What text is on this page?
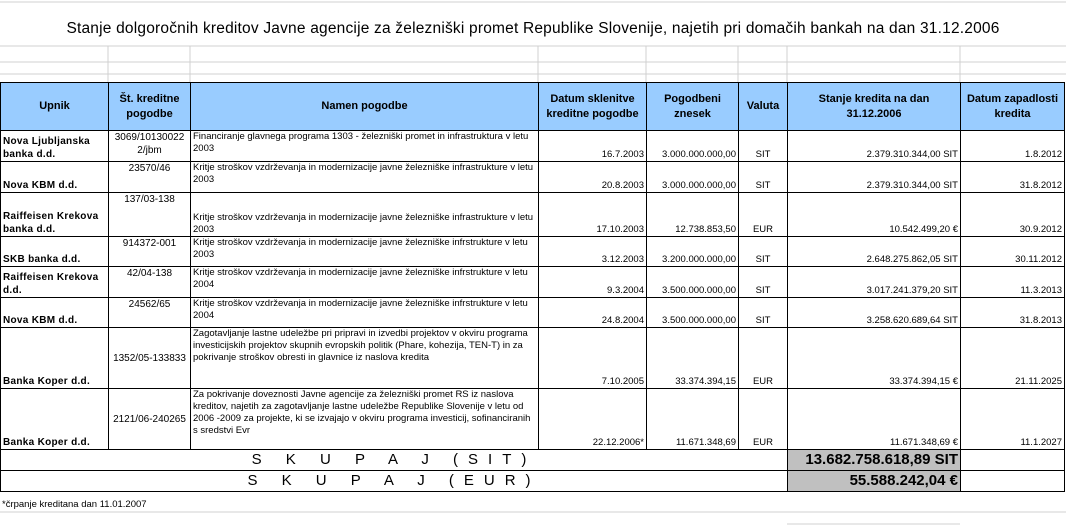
Stanje dolgoročnih kreditov Javne agencije za železniški promet Republike Slovenije, najetih pri domačih bankah na dan 31.12.2006
Upnik	Št. kreditne pogodbe	Namen pogodbe	Datum sklenitve kreditne pogodbe	Pogodbeni znesek	Valuta	Stanje kredita na dan 31.12.2006	Datum zapadlosti kredita
Nova Ljubljanska banka d.d.	3069/10130022 2/jbm	Financiranje glavnega programa 1303 - železniški promet in infrastruktura v letu 2003	16.7.2003	3.000.000.000,00	SIT	2.379.310.344,00 SIT	1.8.2012
Nova KBM d.d.	23570/46	Kritje stroškov vzdrževanja in modernizacije javne železniške infrastrukture v letu 2003	20.8.2003	3.000.000.000,00	SIT	2.379.310.344,00 SIT	31.8.2012
Raiffeisen Krekova banka d.d.	137/03-138	Kritje stroškov vzdrževanja in modernizacije javne železniške infrastrukture v letu 2003	17.10.2003	12.738.853,50	EUR	10.542.499,20 €	30.9.2012
SKB banka d.d.	914372-001	Kritje stroškov vzdrževanja in modernizacije javne železniške infrstrukture v letu 2003	3.12.2003	3.200.000.000,00	SIT	2.648.275.862,05 SIT	30.11.2012
Raiffeisen Krekova d.d.	42/04-138	Kritje stroškov vzdrževanja in modernizacije javne železniške infrstrukture v letu 2004	9.3.2004	3.500.000.000,00	SIT	3.017.241.379,20 SIT	11.3.2013
Nova KBM d.d.	24562/65	Kritje stroškov vzdrževanja in modernizacije javne železniške infrstrukture v letu 2004	24.8.2004	3.500.000.000,00	SIT	3.258.620.689,64 SIT	31.8.2013
Banka Koper d.d.	1352/05-133833	Zagotavljanje lastne udeležbe pri pripravi in izvedbi projektov v okviru programa investicijskih projektov skupnih evropskih politik (Phare, kohezija, TEN-T) in za pokrivanje stroškov obresti in glavnice iz naslova kredita	7.10.2005	33.374.394,15	EUR	33.374.394,15 €	21.11.2025
Banka Koper d.d.	2121/06-240265	Za pokrivanje doveznosti Javne agencije za železniški promet RS iz naslova kreditov, najetih za zagotavljanje lastne udeležbe Republike Slovenije v letu od 2006 -2009 za projekte, ki se izvajajo v okviru programa investicij, sofinanciranih s sredstvi Evr	22.12.2006*	11.671.348,69	EUR	11.671.348,69 €	11.1.2027
S K U P A J (SIT)						13.682.758.618,89 SIT	
S K U P A J (EUR)						55.588.242,04 €	
*črpanje kreditana dan 11.01.2007
